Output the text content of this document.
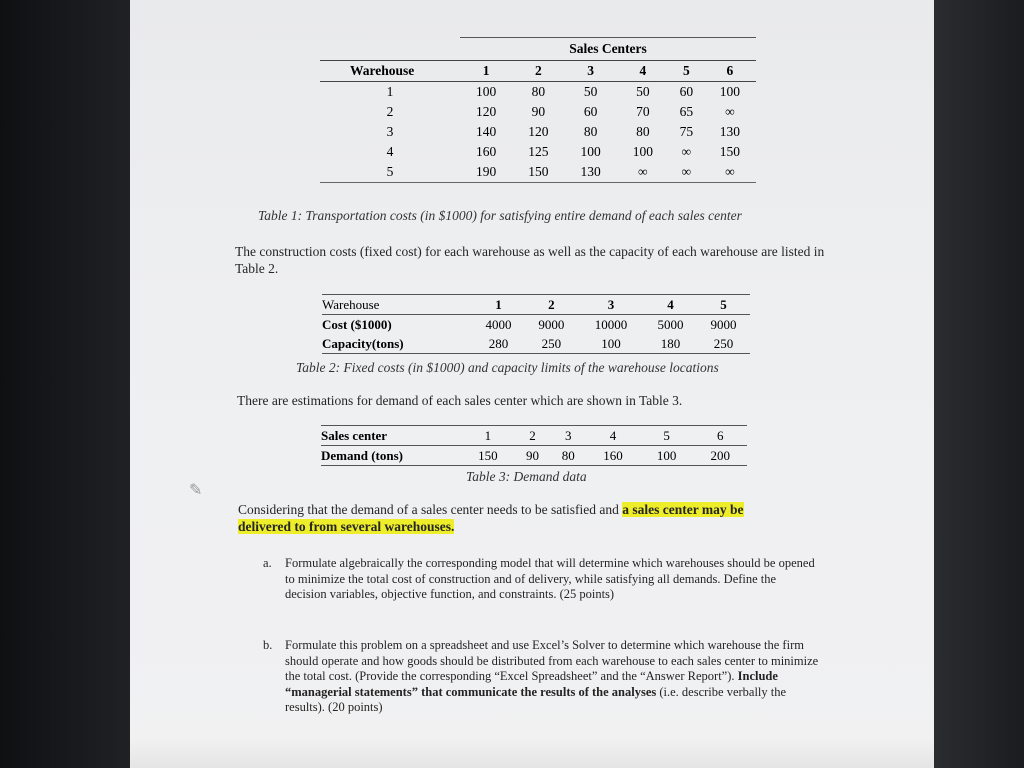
	Sales Centers					
Warehouse	1	2	3	4	5	6
1	100	80	50	50	60	100
2	120	90	60	70	65	∞
3	140	120	80	80	75	130
4	160	125	100	100	∞	150
5	190	150	130	∞	∞	∞
Table 1: Transportation costs (in $1000) for satisfying entire demand of each sales center
The construction costs (fixed cost) for each warehouse as well as the capacity of each warehouse are listed in Table 2.
Warehouse	1	2	3	4	5
Cost ($1000)	4000	9000	10000	5000	9000
Capacity(tons)	280	250	100	180	250
Table 2: Fixed costs (in $1000) and capacity limits of the warehouse locations
There are estimations for demand of each sales center which are shown in Table 3.
Sales center	1	2	3	4	5	6
Demand (tons)	150	90	80	160	100	200
Table 3: Demand data
✎
Considering that the demand of a sales center needs to be satisfied and a sales center may be
delivered to from several warehouses.
a.	Formulate algebraically the corresponding model that will determine which warehouses should be opened to minimize the total cost of construction and of delivery, while satisfying all demands. Define the decision variables, objective function, and constraints. (25 points)
b.	Formulate this problem on a spreadsheet and use Excel’s Solver to determine which warehouse the firm should operate and how goods should be distributed from each warehouse to each sales center to minimize the total cost. (Provide the corresponding “Excel Spreadsheet” and the “Answer Report”). Include “managerial statements” that communicate the results of the analyses (i.e. describe verbally the results). (20 points)
